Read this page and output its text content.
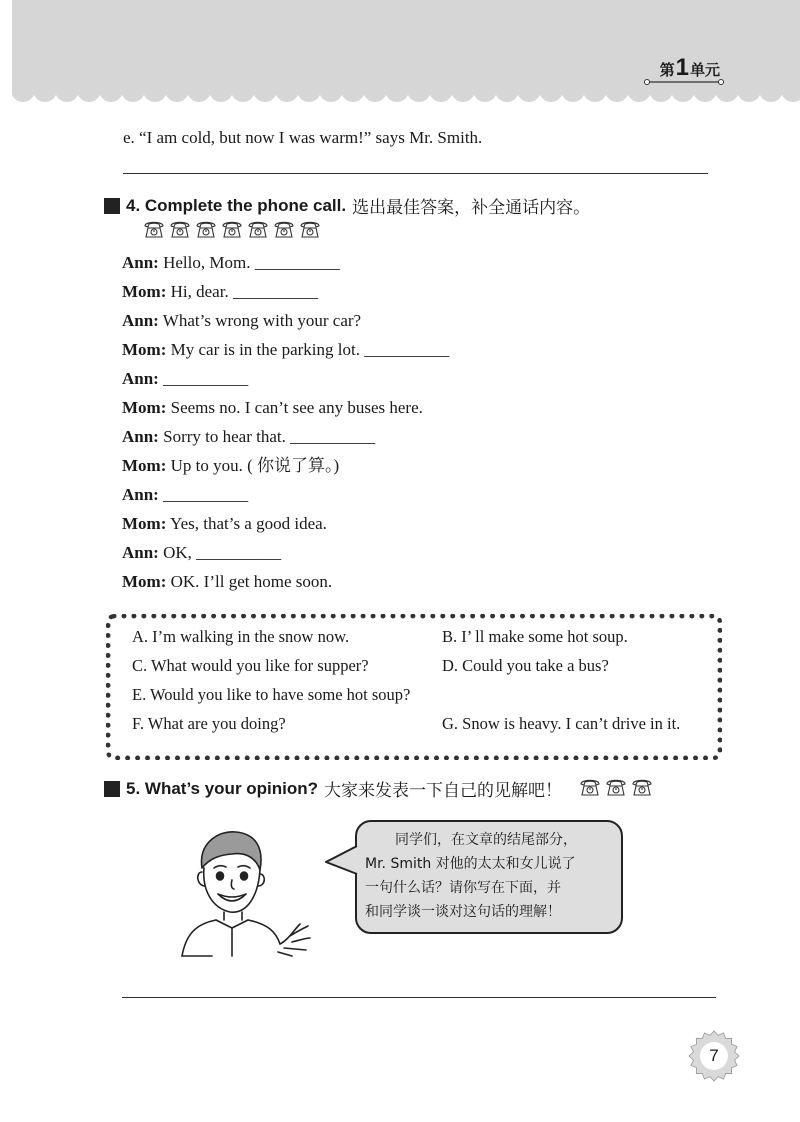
第 1 单元
e. “I am cold, but now I was warm!” says Mr. Smith.
4. Complete the phone call. 选出最佳答案，补全通话内容。
Ann: Hello, Mom. __________
Mom: Hi, dear. __________
Ann: What’s wrong with your car?
Mom: My car is in the parking lot. __________
Ann: __________
Mom: Seems no. I can’t see any buses here.
Ann: Sorry to hear that. __________
Mom: Up to you. ( 你说了算。)
Ann: __________
Mom: Yes, that’s a good idea.
Ann: OK, __________
Mom: OK. I’ll get home soon.
A. I’m walking in the snow now.	B. I’ ll make some hot soup.
C. What would you like for supper?	D. Could you take a bus?
E. Would you like to have some hot soup?
F. What are you doing?	G. Snow is heavy. I can’t drive in it.
5. What’s your opinion? 大家来发表一下自己的见解吧！
同学们，在文章的结尾部分，
Mr. Smith 对他的太太和女儿说了
一句什么话？请你写在下面，并
和同学谈一谈对这句话的理解！
7
